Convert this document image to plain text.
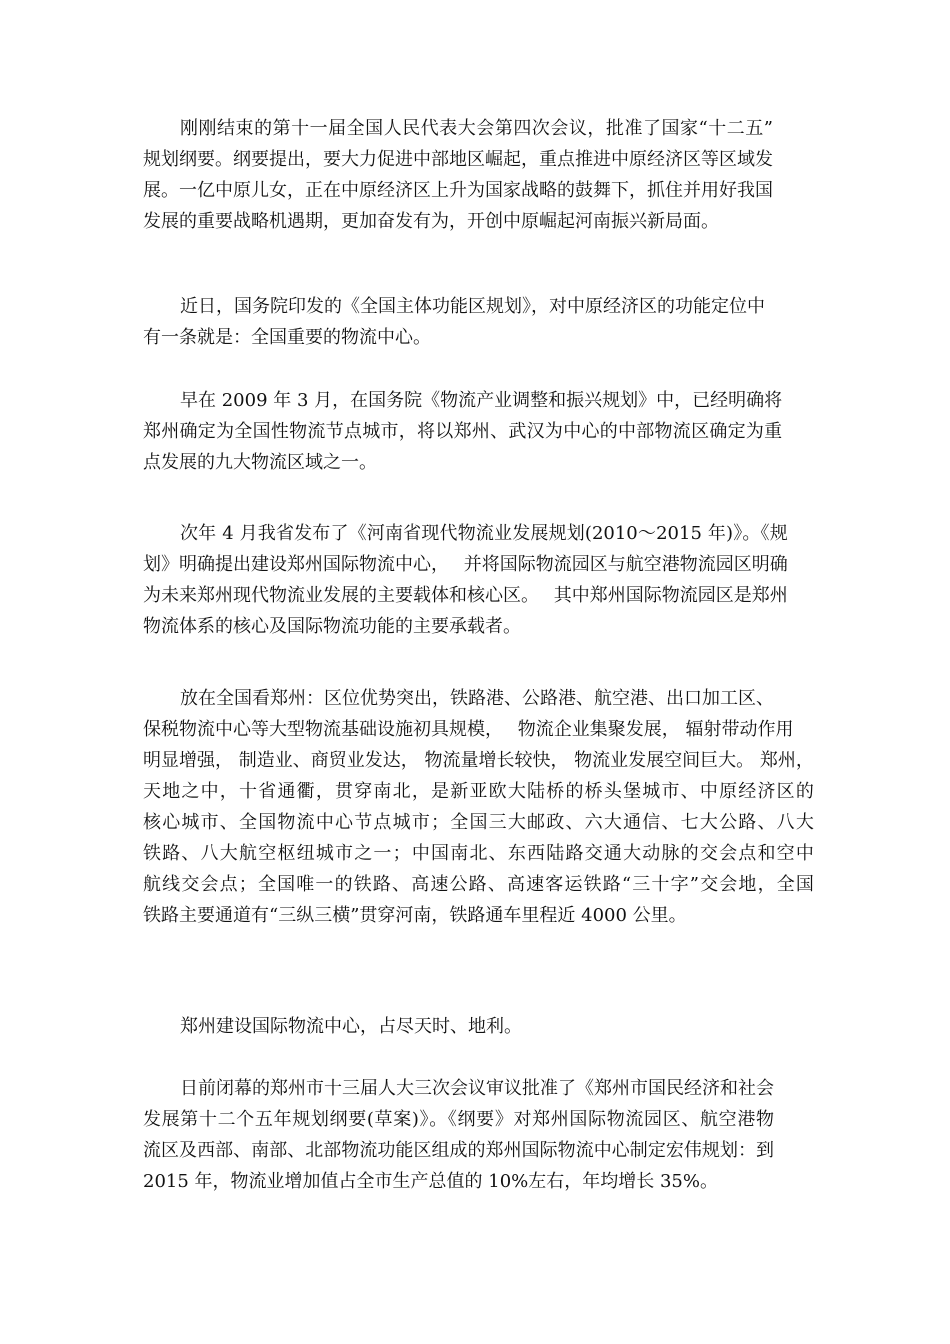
刚刚结束的第十一届全国人民代表大会第四次会议，批准了国家“十二五”
规划纲要。纲要提出，要大力促进中部地区崛起，重点推进中原经济区等区域发
展。一亿中原儿女，正在中原经济区上升为国家战略的鼓舞下，抓住并用好我国
发展的重要战略机遇期，更加奋发有为，开创中原崛起河南振兴新局面。
近日，国务院印发的《全国主体功能区规划》，对中原经济区的功能定位中
有一条就是：全国重要的物流中心。
早在 2009 年 3 月，在国务院《物流产业调整和振兴规划》中，已经明确将
郑州确定为全国性物流节点城市，将以郑州、武汉为中心的中部物流区确定为重
点发展的九大物流区域之一。
次年 4 月我省发布了《河南省现代物流业发展规划(2010～2015 年)》。《规
划》明确提出建设郑州国际物流中心，　 并将国际物流园区与航空港物流园区明确
为未来郑州现代物流业发展的主要载体和核心区。　 其中郑州国际物流园区是郑州
物流体系的核心及国际物流功能的主要承载者。
放在全国看郑州：区位优势突出，铁路港、公路港、航空港、出口加工区、
保税物流中心等大型物流基础设施初具规模，　 物流企业集聚发展， 辐射带动作用
明显增强， 制造业、商贸业发达， 物流量增长较快， 物流业发展空间巨大。 郑州，
天地之中，十省通衢，贯穿南北，是新亚欧大陆桥的桥头堡城市、中原经济区的
核心城市、全国物流中心节点城市；全国三大邮政、六大通信、七大公路、八大
铁路、八大航空枢纽城市之一；中国南北、东西陆路交通大动脉的交会点和空中
航线交会点；全国唯一的铁路、高速公路、高速客运铁路“三十字”交会地，全国
铁路主要通道有“三纵三横”贯穿河南，铁路通车里程近 4000 公里。
郑州建设国际物流中心，占尽天时、地利。
日前闭幕的郑州市十三届人大三次会议审议批准了《郑州市国民经济和社会
发展第十二个五年规划纲要(草案)》。《纲要》对郑州国际物流园区、航空港物
流区及西部、南部、北部物流功能区组成的郑州国际物流中心制定宏伟规划：到
2015 年，物流业增加值占全市生产总值的 10%左右，年均增长 35%。
